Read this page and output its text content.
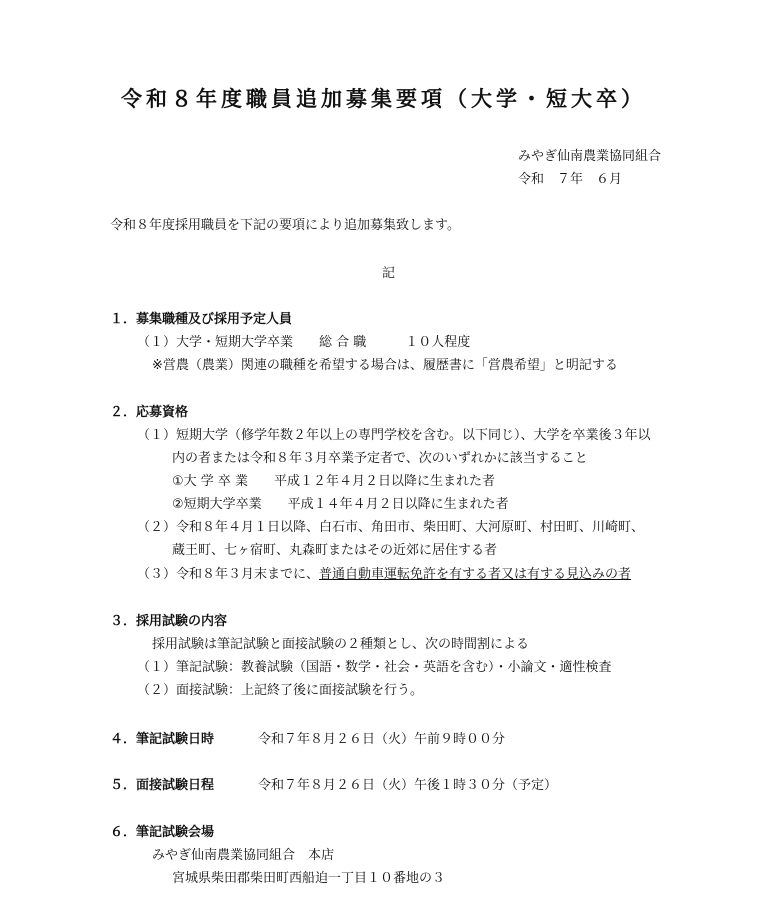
令和８年度職員追加募集要項（大学・短大卒）
みやぎ仙南農業協同組合
令和　７年　６月
令和８年度採用職員を下記の要項により追加募集致します。
記
１．募集職種及び採用予定人員
（１）大学・短期大学卒業　　総 合 職　　　１０人程度
※営農（農業）関連の職種を希望する場合は、履歴書に「営農希望」と明記する
２．応募資格
（１）短期大学（修学年数２年以上の専門学校を含む。以下同じ）、大学を卒業後３年以
内の者または令和８年３月卒業予定者で、次のいずれかに該当すること
①大 学 卒 業　　平成１２年４月２日以降に生まれた者
②短期大学卒業　　平成１４年４月２日以降に生まれた者
（２）令和８年４月１日以降、白石市、角田市、柴田町、大河原町、村田町、川崎町、
蔵王町、七ヶ宿町、丸森町またはその近郊に居住する者
（３）令和８年３月末までに、普通自動車運転免許を有する者又は有する見込みの者
３．採用試験の内容
採用試験は筆記試験と面接試験の２種類とし、次の時間割による
（１）筆記試験：教養試験（国語・数学・社会・英語を含む）・小論文・適性検査
（２）面接試験：上記終了後に面接試験を行う。
４．筆記試験日時	令和７年８月２６日（火）午前９時００分
５．面接試験日程	令和７年８月２６日（火）午後１時３０分（予定）
６．筆記試験会場
みやぎ仙南農業協同組合　本店
宮城県柴田郡柴田町西船迫一丁目１０番地の３
